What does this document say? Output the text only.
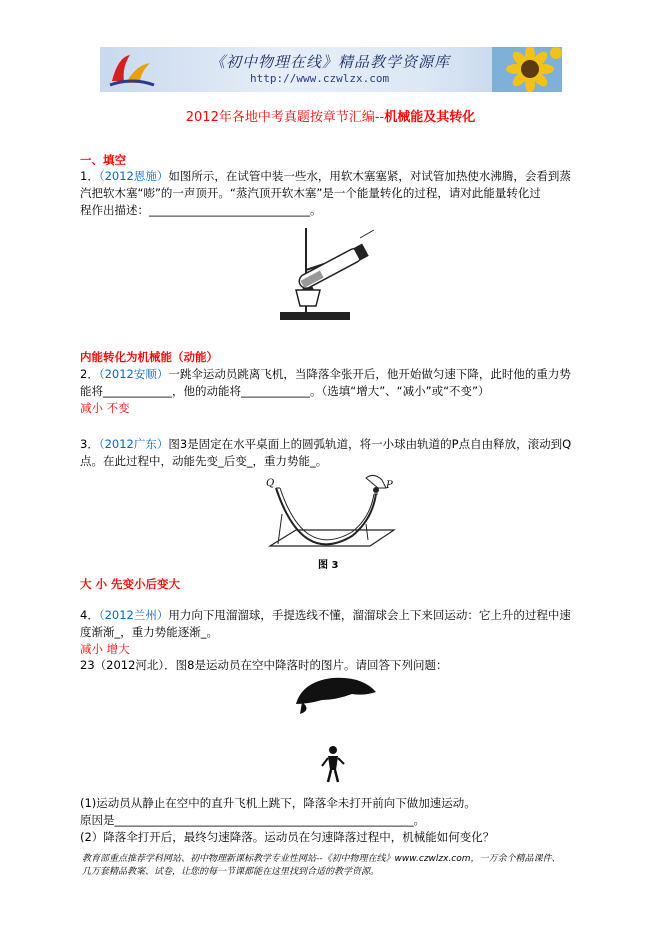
《初中物理在线》精品教学资源库
http://www.czwlzx.com
2012年各地中考真题按章节汇编--机械能及其转化
一、填空
1．（2012恩施）如图所示，在试管中装一些水，用软木塞塞紧，对试管加热使水沸腾，会看到蒸
汽把软木塞“嘭”的一声顶开。“蒸汽顶开软木塞”是一个能量转化的过程，请对此能量转化过
程作出描述：____________________________。
内能转化为机械能（动能）
2．（2012安顺）一跳伞运动员跳离飞机，当降落伞张开后，他开始做匀速下降，此时他的重力势
能将____________，他的动能将____________。（选填“增大”、“减小”或“不变”）
减小 不变
3．（2012广东）图3是固定在水平桌面上的圆弧轨道，将一小球由轨道的P点自由释放，滚动到Q
点。在此过程中，动能先变_后变_，重力势能_。
Q	P
图 3
大 小 先变小后变大
4．（2012兰州）用力向下甩溜溜球，手提选线不懂，溜溜球会上下来回运动：它上升的过程中速
度渐渐_，重力势能逐渐_。
减小 增大
23（2012河北）．图8是运动员在空中降落时的图片。请回答下列问题：
(1)运动员从静止在空中的直升飞机上跳下，降落伞未打开前向下做加速运动。
原因是____________________________________________________。
(2）降落伞打开后，最终匀速降落。运动员在匀速降落过程中，机械能如何变化？
教育部重点推荐学科网站、初中物理新课标教学专业性网站--《初中物理在线》www.czwlzx.com，一万余个精品课件、
几万套精品教案、试卷，让您的每一节课都能在这里找到合适的教学资源。
